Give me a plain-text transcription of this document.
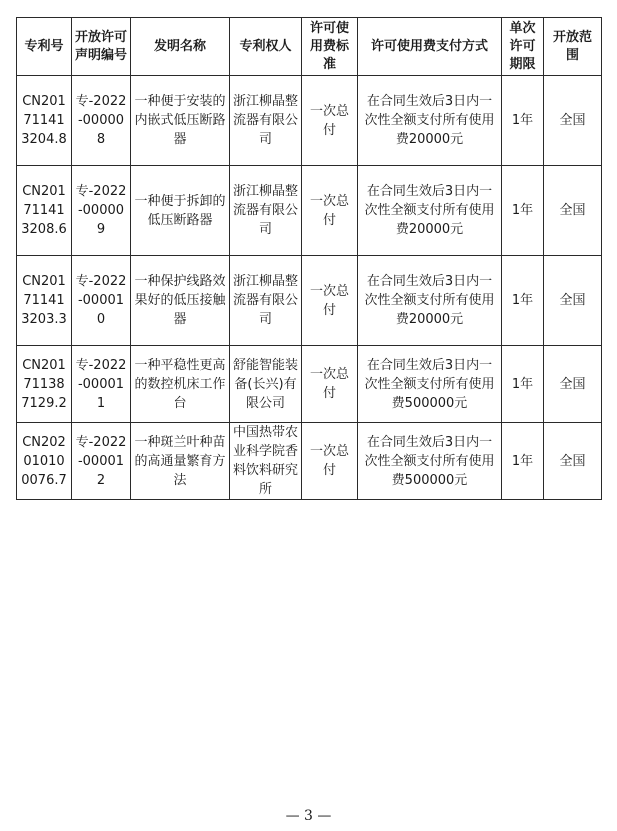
专利号	开放许可声明编号	发明名称	专利权人	许可使用费标准	许可使用费支付方式	单次许可期限	开放范围

CN201711413204.8	专-2022-000008	一种便于安装的内嵌式低压断路器	浙江柳晶整流器有限公司	一次总付	在合同生效后3日内一次性全额支付所有使用费20000元	1年	全国

CN201711413208.6	专-2022-000009	一种便于拆卸的低压断路器	浙江柳晶整流器有限公司	一次总付	在合同生效后3日内一次性全额支付所有使用费20000元	1年	全国

CN201711413203.3	专-2022-000010	一种保护线路效果好的低压接触器	浙江柳晶整流器有限公司	一次总付	在合同生效后3日内一次性全额支付所有使用费20000元	1年	全国

CN201711387129.2	专-2022-000011	一种平稳性更高的数控机床工作台	舒能智能装备(长兴)有限公司	一次总付	在合同生效后3日内一次性全额支付所有使用费500000元	1年	全国

CN202010100076.7	专-2022-000012	一种斑兰叶种苗的高通量繁育方法	中国热带农业科学院香料饮料研究所	一次总付	在合同生效后3日内一次性全额支付所有使用费500000元	1年	全国
— 3 —
